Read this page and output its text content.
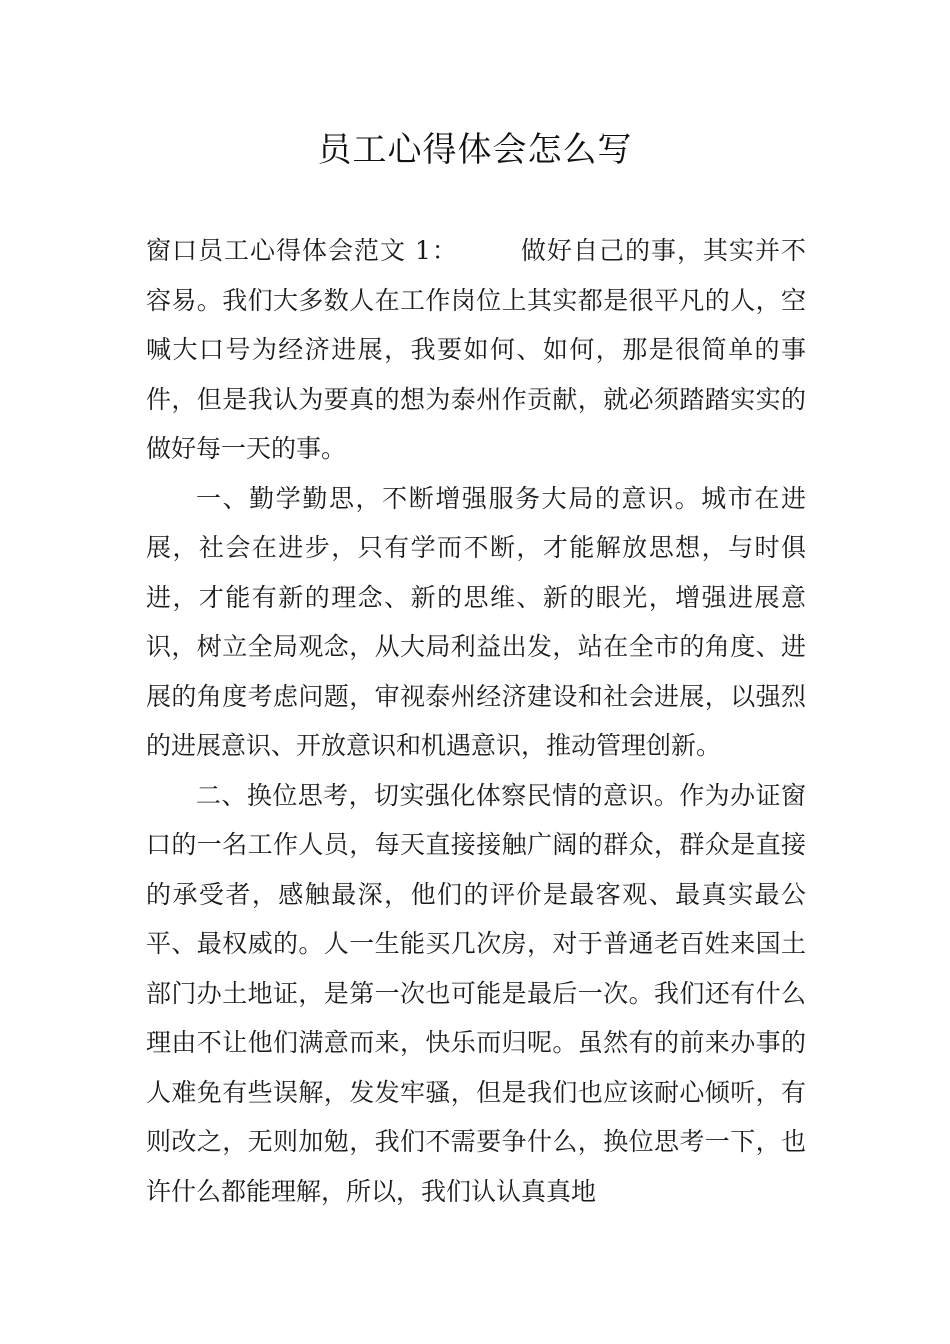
员工心得体会怎么写

窗口员工心得体会范文 1： 做好自己的事，其实并不容易。我们大多数人在工作岗位上其实都是很平凡的人，空喊大口号为经济进展，我要如何、如何，那是很简单的事件，但是我认为要真的想为泰州作贡献，就必须踏踏实实的做好每一天的事。

一、勤学勤思，不断增强服务大局的意识。城市在进展，社会在进步，只有学而不断，才能解放思想，与时俱进，才能有新的理念、新的思维、新的眼光，增强进展意识，树立全局观念，从大局利益出发，站在全市的角度、进展的角度考虑问题，审视泰州经济建设和社会进展，以强烈的进展意识、开放意识和机遇意识，推动管理创新。

二、换位思考，切实强化体察民情的意识。作为办证窗口的一名工作人员，每天直接接触广阔的群众，群众是直接的承受者，感触最深，他们的评价是最客观、最真实最公平、最权威的。人一生能买几次房，对于普通老百姓来国土部门办土地证，是第一次也可能是最后一次。我们还有什么理由不让他们满意而来，快乐而归呢。虽然有的前来办事的人难免有些误解，发发牢骚，但是我们也应该耐心倾听，有则改之，无则加勉，我们不需要争什么，换位思考一下，也许什么都能理解，所以，我们认认真真地
